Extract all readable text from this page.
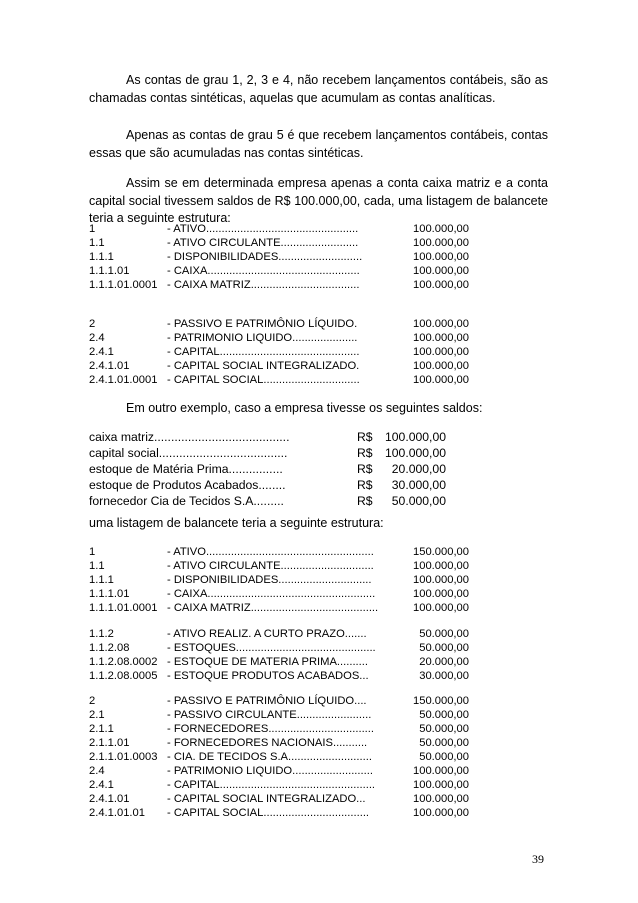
As contas de grau 1, 2, 3 e 4, não recebem lançamentos contábeis, são as chamadas contas sintéticas, aquelas que acumulam as contas analíticas.

Apenas as contas de grau 5 é que recebem lançamentos contábeis, contas essas que são acumuladas nas contas sintéticas.

Assim se em determinada empresa apenas a conta caixa matriz e a conta capital social tivessem saldos de R$ 100.000,00, cada, uma listagem de balancete teria a seguinte estrutura:

1	- ATIVO.................................................	100.000,00
1.1	- ATIVO CIRCULANTE.........................	100.000,00
1.1.1	- DISPONIBILIDADES...........................	100.000,00
1.1.1.01	- CAIXA.................................................	100.000,00
1.1.1.01.0001 - CAIXA MATRIZ...................................	100.000,00
2	- PASSIVO E PATRIMÔNIO LÍQUIDO.	100.000,00
2.4	- PATRIMONIO LIQUIDO.....................	100.000,00
2.4.1	- CAPITAL.............................................	100.000,00
2.4.1.01	- CAPITAL SOCIAL INTEGRALIZADO.	100.000,00
2.4.1.01.0001 - CAPITAL SOCIAL...............................	100.000,00

Em outro exemplo, caso a empresa tivesse os seguintes saldos:

caixa matriz........................................	R$ 100.000,00
capital social......................................	R$ 100.000,00
estoque de Matéria Prima................	R$ 20.000,00
estoque de Produtos Acabados........	R$ 30.000,00
fornecedor Cia de Tecidos S.A.........	R$ 50.000,00

uma listagem de balancete teria a seguinte estrutura:

1	- ATIVO......................................................	150.000,00
1.1	- ATIVO CIRCULANTE..............................	100.000,00
1.1.1	- DISPONIBILIDADES..............................	100.000,00
1.1.1.01	- CAIXA......................................................	100.000,00
1.1.1.01.0001 - CAIXA MATRIZ.........................................	100.000,00
1.1.2	- ATIVO REALIZ. A CURTO PRAZO.......	50.000,00
1.1.2.08	- ESTOQUES.............................................	50.000,00
1.1.2.08.0002 - ESTOQUE DE MATERIA PRIMA..........	20.000,00
1.1.2.08.0005 - ESTOQUE PRODUTOS ACABADOS...	30.000,00
2	- PASSIVO E PATRIMÔNIO LÍQUIDO....	150.000,00
2.1	- PASSIVO CIRCULANTE........................	50.000,00
2.1.1	- FORNECEDORES..................................	50.000,00
2.1.1.01	- FORNECEDORES NACIONAIS...........	50.000,00
2.1.1.01.0003 - CIA. DE TECIDOS S.A...........................	50.000,00
2.4	- PATRIMONIO LIQUIDO..........................	100.000,00
2.4.1	- CAPITAL..................................................	100.000,00
2.4.1.01	- CAPITAL SOCIAL INTEGRALIZADO...	100.000,00
2.4.1.01.01 - CAPITAL SOCIAL..................................	100.000,00
39
